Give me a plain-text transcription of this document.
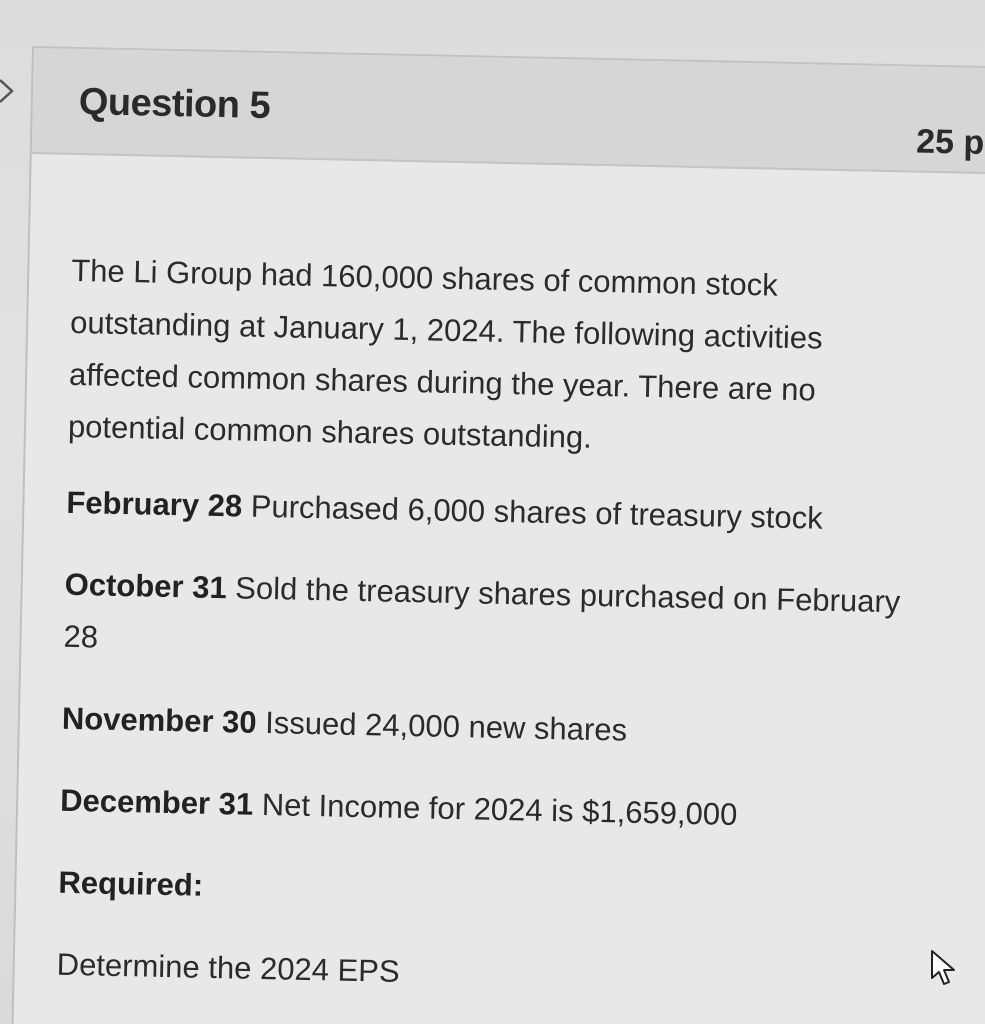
Question 5
25 p

The Li Group had 160,000 shares of common stock outstanding at January 1, 2024. The following activities affected common shares during the year. There are no potential common shares outstanding.

February 28 Purchased 6,000 shares of treasury stock

October 31 Sold the treasury shares purchased on February 28

November 30 Issued 24,000 new shares

December 31 Net Income for 2024 is $1,659,000

Required:

Determine the 2024 EPS
